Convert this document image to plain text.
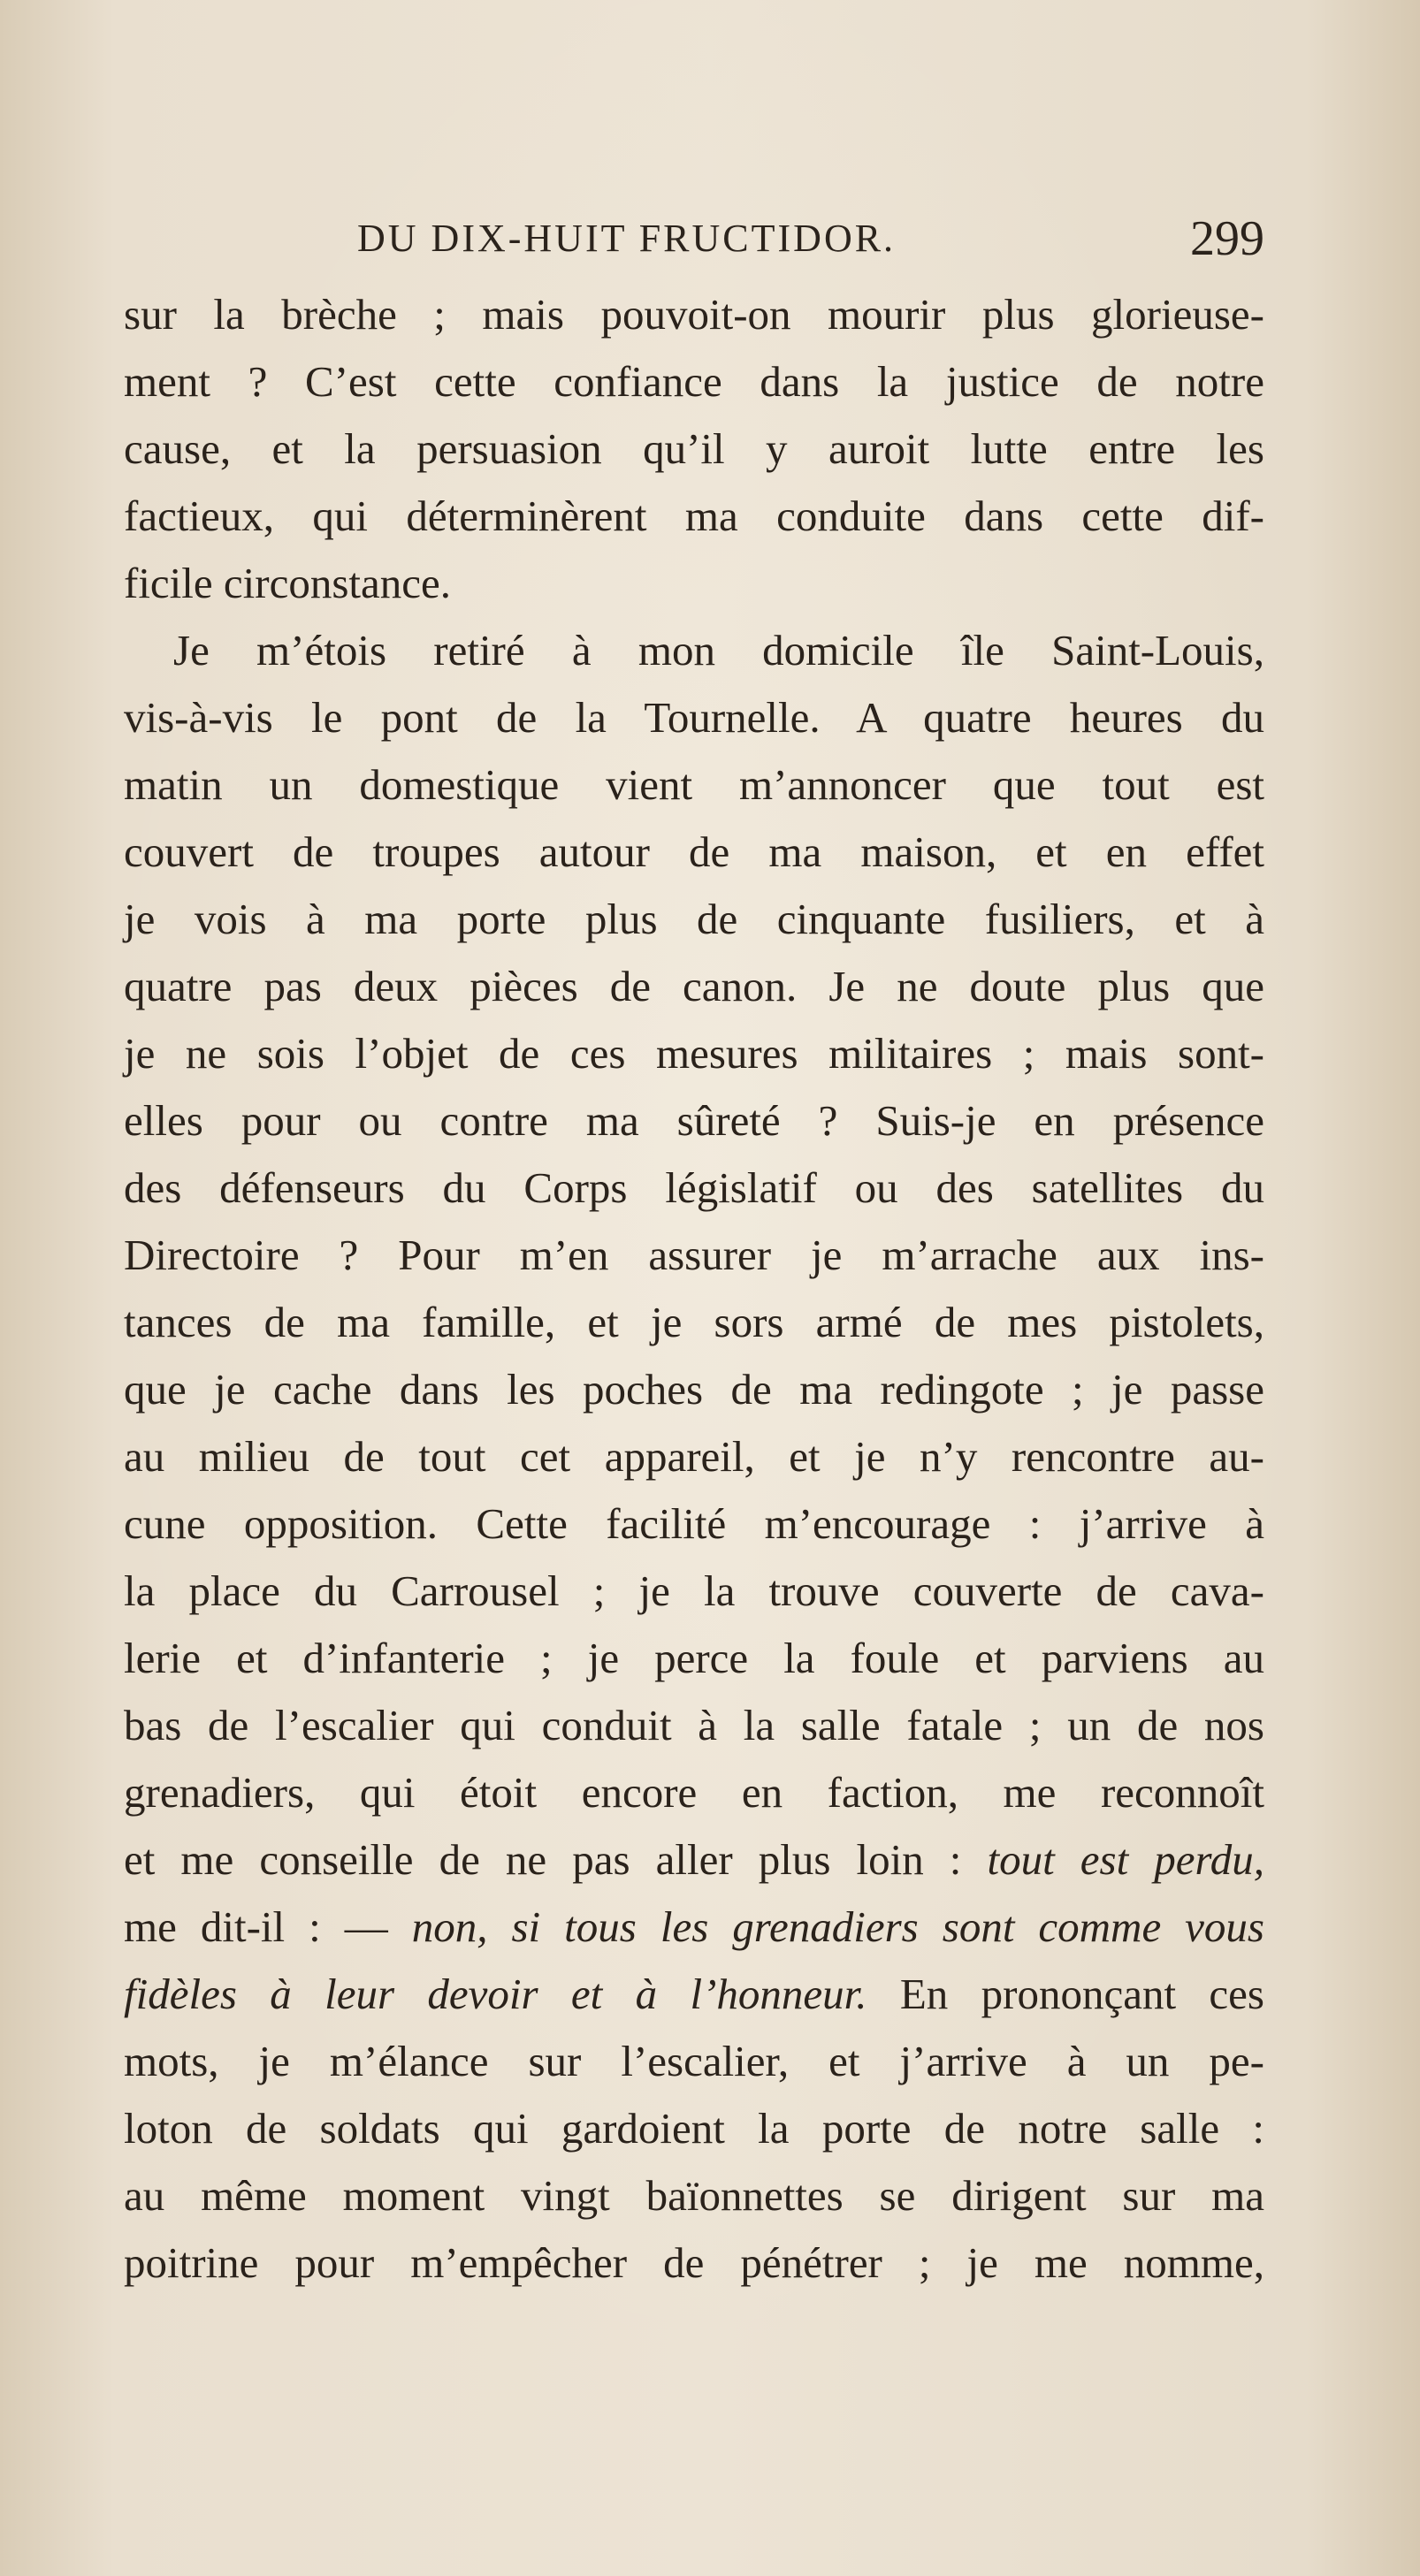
DU DIX-HUIT FRUCTIDOR.	299
sur la brèche ; mais pouvoit-on mourir plus glorieuse-
ment ? C’est cette confiance dans la justice de notre
cause, et la persuasion qu’il y auroit lutte entre les
factieux, qui déterminèrent ma conduite dans cette dif-
ficile circonstance.
Je m’étois retiré à mon domicile île Saint-Louis,
vis-à-vis le pont de la Tournelle. A quatre heures du
matin un domestique vient m’annoncer que tout est
couvert de troupes autour de ma maison, et en effet
je vois à ma porte plus de cinquante fusiliers, et à
quatre pas deux pièces de canon. Je ne doute plus que
je ne sois l’objet de ces mesures militaires ; mais sont-
elles pour ou contre ma sûreté ? Suis-je en présence
des défenseurs du Corps législatif ou des satellites du
Directoire ? Pour m’en assurer je m’arrache aux ins-
tances de ma famille, et je sors armé de mes pistolets,
que je cache dans les poches de ma redingote ; je passe
au milieu de tout cet appareil, et je n’y rencontre au-
cune opposition. Cette facilité m’encourage : j’arrive à
la place du Carrousel ; je la trouve couverte de cava-
lerie et d’infanterie ; je perce la foule et parviens au
bas de l’escalier qui conduit à la salle fatale ; un de nos
grenadiers, qui étoit encore en faction, me reconnoît
et me conseille de ne pas aller plus loin : tout est perdu,
me dit-il : — non, si tous les grenadiers sont comme vous
fidèles à leur devoir et à l’honneur. En prononçant ces
mots, je m’élance sur l’escalier, et j’arrive à un pe-
loton de soldats qui gardoient la porte de notre salle :
au même moment vingt baïonnettes se dirigent sur ma
poitrine pour m’empêcher de pénétrer ; je me nomme,
